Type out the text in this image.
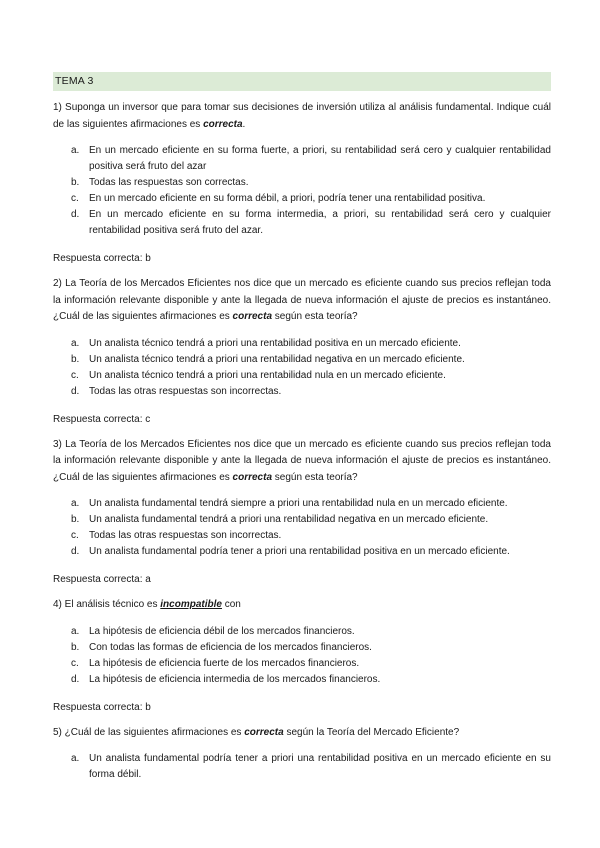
TEMA 3
1) Suponga un inversor que para tomar sus decisiones de inversión utiliza al análisis fundamental. Indique cuál de las siguientes afirmaciones es correcta.
a. En un mercado eficiente en su forma fuerte, a priori, su rentabilidad será cero y cualquier rentabilidad positiva será fruto del azar
b. Todas las respuestas son correctas.
c. En un mercado eficiente en su forma débil, a priori, podría tener una rentabilidad positiva.
d. En un mercado eficiente en su forma intermedia, a priori, su rentabilidad será cero y cualquier rentabilidad positiva será fruto del azar.
Respuesta correcta: b
2) La Teoría de los Mercados Eficientes nos dice que un mercado es eficiente cuando sus precios reflejan toda la información relevante disponible y ante la llegada de nueva información el ajuste de precios es instantáneo. ¿Cuál de las siguientes afirmaciones es correcta según esta teoría?
a. Un analista técnico tendrá a priori una rentabilidad positiva en un mercado eficiente.
b. Un analista técnico tendrá a priori una rentabilidad negativa en un mercado eficiente.
c. Un analista técnico tendrá a priori una rentabilidad nula en un mercado eficiente.
d. Todas las otras respuestas son incorrectas.
Respuesta correcta: c
3) La Teoría de los Mercados Eficientes nos dice que un mercado es eficiente cuando sus precios reflejan toda la información relevante disponible y ante la llegada de nueva información el ajuste de precios es instantáneo. ¿Cuál de las siguientes afirmaciones es correcta según esta teoría?
a. Un analista fundamental tendrá siempre a priori una rentabilidad nula en un mercado eficiente.
b. Un analista fundamental tendrá a priori una rentabilidad negativa en un mercado eficiente.
c. Todas las otras respuestas son incorrectas.
d. Un analista fundamental podría tener a priori una rentabilidad positiva en un mercado eficiente.
Respuesta correcta: a
4) El análisis técnico es incompatible con
a. La hipótesis de eficiencia débil de los mercados financieros.
b. Con todas las formas de eficiencia de los mercados financieros.
c. La hipótesis de eficiencia fuerte de los mercados financieros.
d. La hipótesis de eficiencia intermedia de los mercados financieros.
Respuesta correcta: b
5) ¿Cuál de las siguientes afirmaciones es correcta según la Teoría del Mercado Eficiente?
a. Un analista fundamental podría tener a priori una rentabilidad positiva en un mercado eficiente en su forma débil.
